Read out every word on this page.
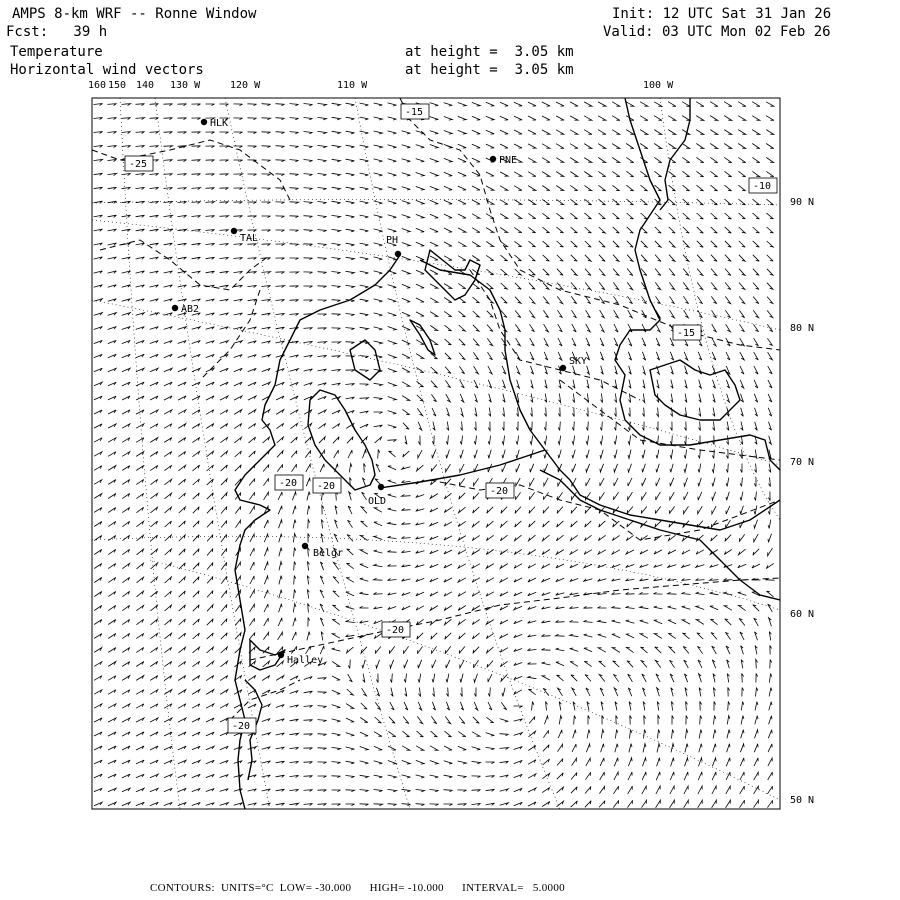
AMPS 8-km WRF -- Ronne Window
Fcst:   39 h
Init: 12 UTC Sat 31 Jan 26
Valid: 03 UTC Mon 02 Feb 26
Temperature	at height =  3.05 km
Horizontal wind vectors	at height =  3.05 km
160 150 140 130 W	120 W	110 W	100 W
90 N
80 N
70 N
60 N
50 N
HLK
PNE
PH
TAL
AB2
SKY
OLD
Belgr
Halley
-15
-25
-10
-15
-20 -20	-20
-20
-20
CONTOURS:  UNITS=°C  LOW= -30.000      HIGH= -10.000      INTERVAL=   5.0000
